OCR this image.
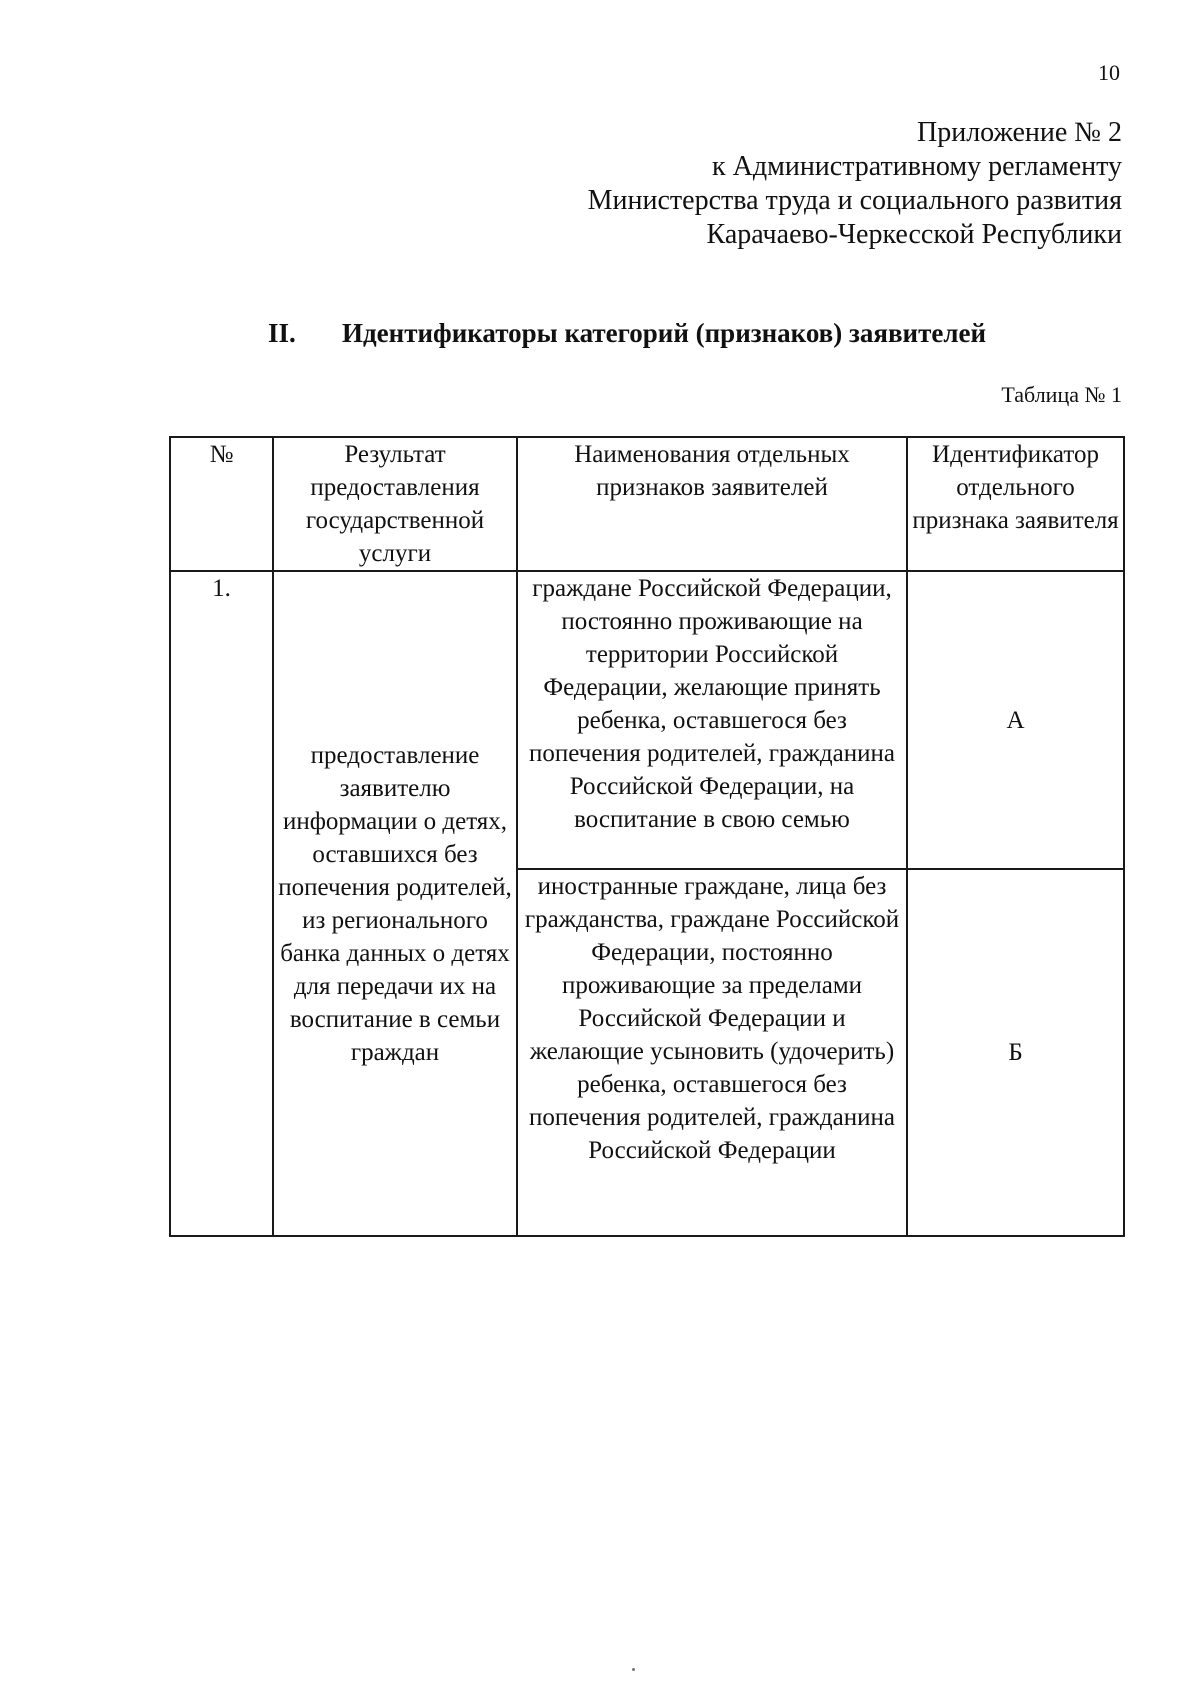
10
Приложение № 2
к Административному регламенту
Министерства труда и социального развития
Карачаево-Черкесской Республики
II. Идентификаторы категорий (признаков) заявителей
Таблица № 1
№	Результат предоставления государственной услуги	Наименования отдельных признаков заявителей	Идентификатор отдельного признака заявителя
1.	предоставление заявителю информации о детях, оставшихся без попечения родителей, из регионального банка данных о детях для передачи их на воспитание в семьи граждан	граждане Российской Федерации, постоянно проживающие на территории Российской Федерации, желающие принять ребенка, оставшегося без попечения родителей, гражданина Российской Федерации, на воспитание в свою семью	А
		иностранные граждане, лица без гражданства, граждане Российской Федерации, постоянно проживающие за пределами Российской Федерации и желающие усыновить (удочерить) ребенка, оставшегося без попечения родителей, гражданина Российской Федерации	Б
